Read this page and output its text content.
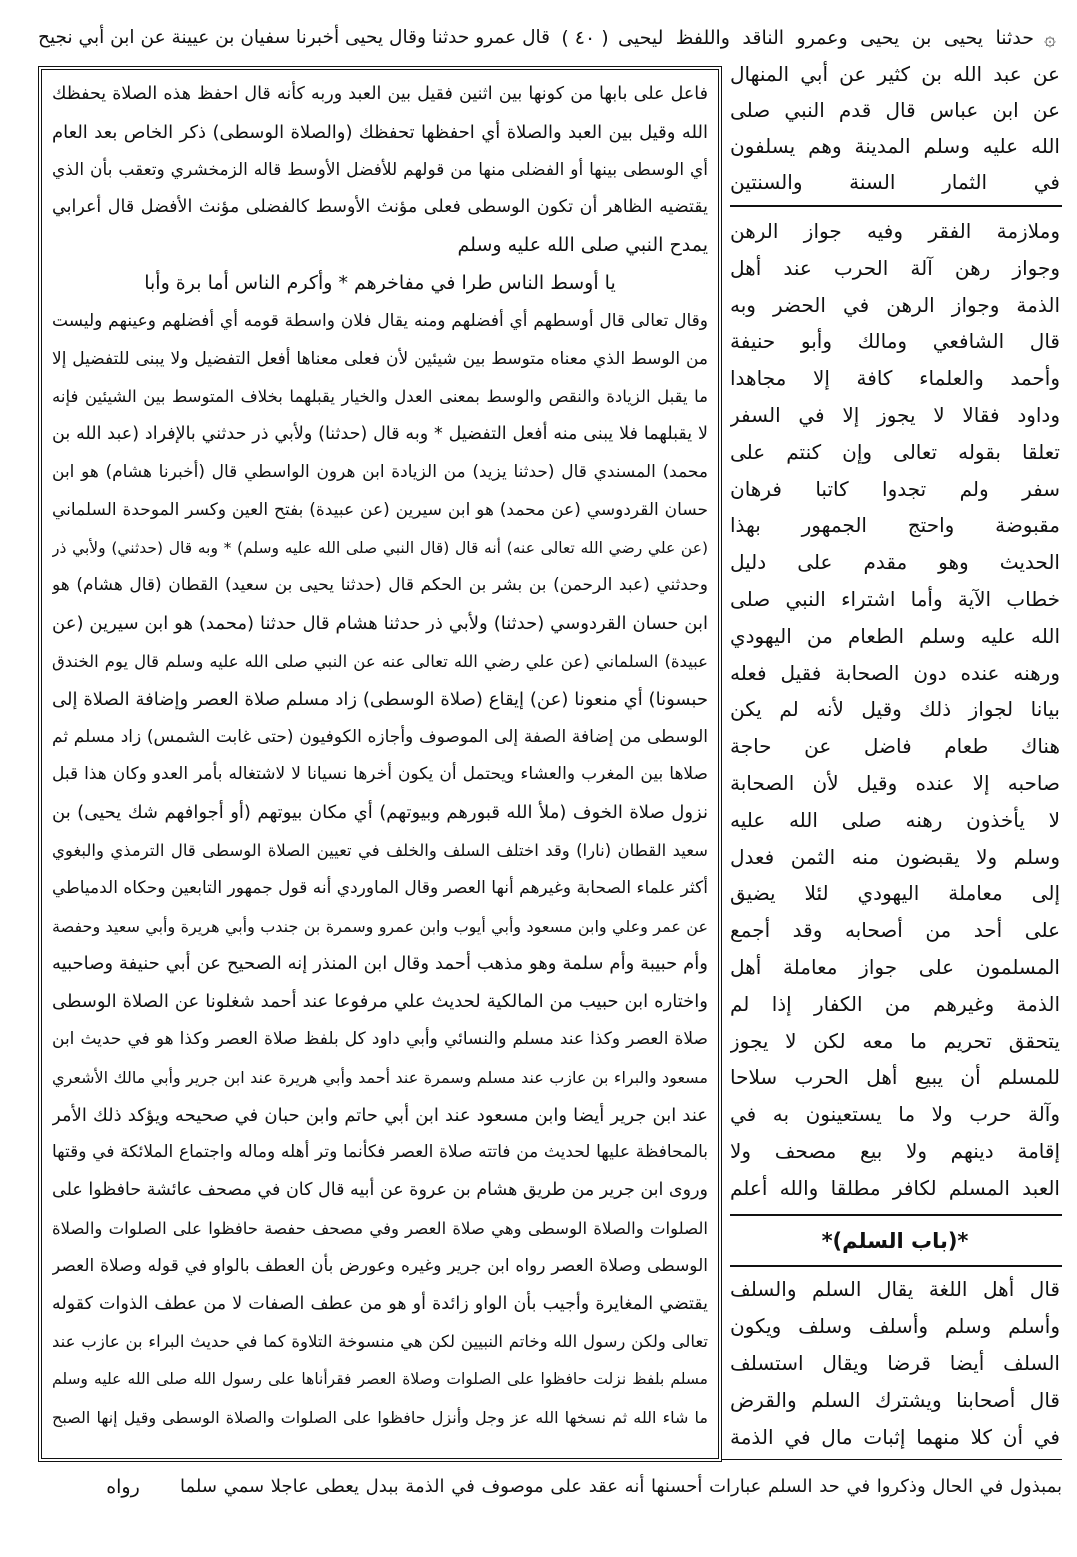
۞
حدثنا يحيى بن يحيى وعمرو الناقد واللفظ ليحيى
( ٤٠ )
قال عمرو حدثنا وقال يحيى أخبرنا سفيان بن عيينة عن ابن أبي نجيح
عن عبد الله بن كثير عن أبي المنهال
عن ابن عباس قال قدم النبي صلى
الله عليه وسلم المدينة وهم يسلفون
في الثمار السنة والسنتين
وملازمة الفقر وفيه جواز الرهن
وجواز رهن آلة الحرب عند أهل
الذمة وجواز الرهن في الحضر وبه
قال الشافعي ومالك وأبو حنيفة
وأحمد والعلماء كافة إلا مجاهدا
وداود فقالا لا يجوز إلا في السفر
تعلقا بقوله تعالى وإن كنتم على
سفر ولم تجدوا كاتبا فرهان
مقبوضة واحتج الجمهور بهذا
الحديث وهو مقدم على دليل
خطاب الآية وأما اشتراء النبي صلى
الله عليه وسلم الطعام من اليهودي
ورهنه عنده دون الصحابة فقيل فعله
بيانا لجواز ذلك وقيل لأنه لم يكن
هناك طعام فاضل عن حاجة
صاحبه إلا عنده وقيل لأن الصحابة
لا يأخذون رهنه صلى الله عليه
وسلم ولا يقبضون منه الثمن فعدل
إلى معاملة اليهودي لئلا يضيق
على أحد من أصحابه وقد أجمع
المسلمون على جواز معاملة أهل
الذمة وغيرهم من الكفار إذا لم
يتحقق تحريم ما معه لكن لا يجوز
للمسلم أن يبيع أهل الحرب سلاحا
وآلة حرب ولا ما يستعينون به في
إقامة دينهم ولا بيع مصحف ولا
العبد المسلم لكافر مطلقا والله أعلم
*(باب السلم)*
قال أهل اللغة يقال السلم والسلف
وأسلم وسلم وأسلف وسلف ويكون
السلف أيضا قرضا ويقال استسلف
قال أصحابنا ويشترك السلم والقرض
في أن كلا منهما إثبات مال في الذمة
فاعل على بابها من كونها بين اثنين فقيل بين العبد وربه كأنه قال احفظ هذه الصلاة يحفظك
الله وقيل بين العبد والصلاة أي احفظها تحفظك (والصلاة الوسطى) ذكر الخاص بعد العام
أي الوسطى بينها أو الفضلى منها من قولهم للأفضل الأوسط قاله الزمخشري وتعقب بأن الذي
يقتضيه الظاهر أن تكون الوسطى فعلى مؤنث الأوسط كالفضلى مؤنث الأفضل قال أعرابي
يمدح النبي صلى الله عليه وسلم
يا أوسط الناس طرا في مفاخرهم * وأكرم الناس أما برة وأبا
وقال تعالى قال أوسطهم أي أفضلهم ومنه يقال فلان واسطة قومه أي أفضلهم وعينهم وليست
من الوسط الذي معناه متوسط بين شيئين لأن فعلى معناها أفعل التفضيل ولا يبنى للتفضيل إلا
ما يقبل الزيادة والنقص والوسط بمعنى العدل والخيار يقبلهما بخلاف المتوسط بين الشيئين فإنه
لا يقبلهما فلا يبنى منه أفعل التفضيل * وبه قال (حدثنا) ولأبي ذر حدثني بالإفراد (عبد الله بن
محمد) المسندي قال (حدثنا يزيد) من الزيادة ابن هرون الواسطي قال (أخبرنا هشام) هو ابن
حسان القردوسي (عن محمد) هو ابن سيرين (عن عبيدة) بفتح العين وكسر الموحدة السلماني
(عن علي رضي الله تعالى عنه) أنه قال (قال النبي صلى الله عليه وسلم) * وبه قال (حدثني) ولأبي ذر
وحدثني (عبد الرحمن) بن بشر بن الحكم قال (حدثنا يحيى بن سعيد) القطان (قال هشام) هو
ابن حسان القردوسي (حدثنا) ولأبي ذر حدثنا هشام قال حدثنا (محمد) هو ابن سيرين (عن
عبيدة) السلماني (عن علي رضي الله تعالى عنه عن النبي صلى الله عليه وسلم قال يوم الخندق
حبسونا) أي منعونا (عن) إيقاع (صلاة الوسطى) زاد مسلم صلاة العصر وإضافة الصلاة إلى
الوسطى من إضافة الصفة إلى الموصوف وأجازه الكوفيون (حتى غابت الشمس) زاد مسلم ثم
صلاها بين المغرب والعشاء ويحتمل أن يكون أخرها نسيانا لا لاشتغاله بأمر العدو وكان هذا قبل
نزول صلاة الخوف (ملأ الله قبورهم وبيوتهم) أي مكان بيوتهم (أو أجوافهم شك يحيى) بن
سعيد القطان (نارا) وقد اختلف السلف والخلف في تعيين الصلاة الوسطى قال الترمذي والبغوي
أكثر علماء الصحابة وغيرهم أنها العصر وقال الماوردي أنه قول جمهور التابعين وحكاه الدمياطي
عن عمر وعلي وابن مسعود وأبي أيوب وابن عمرو وسمرة بن جندب وأبي هريرة وأبي سعيد وحفصة
وأم حبيبة وأم سلمة وهو مذهب أحمد وقال ابن المنذر إنه الصحيح عن أبي حنيفة وصاحبيه
واختاره ابن حبيب من المالكية لحديث علي مرفوعا عند أحمد شغلونا عن الصلاة الوسطى
صلاة العصر وكذا عند مسلم والنسائي وأبي داود كل بلفظ صلاة العصر وكذا هو في حديث ابن
مسعود والبراء بن عازب عند مسلم وسمرة عند أحمد وأبي هريرة عند ابن جرير وأبي مالك الأشعري
عند ابن جرير أيضا وابن مسعود عند ابن أبي حاتم وابن حبان في صحيحه ويؤكد ذلك الأمر
بالمحافظة عليها لحديث من فاتته صلاة العصر فكأنما وتر أهله وماله واجتماع الملائكة في وقتها
وروى ابن جرير من طريق هشام بن عروة عن أبيه قال كان في مصحف عائشة حافظوا على
الصلوات والصلاة الوسطى وهي صلاة العصر وفي مصحف حفصة حافظوا على الصلوات والصلاة
الوسطى وصلاة العصر رواه ابن جرير وغيره وعورض بأن العطف بالواو في قوله وصلاة العصر
يقتضي المغايرة وأجيب بأن الواو زائدة أو هو من عطف الصفات لا من عطف الذوات كقوله
تعالى ولكن رسول الله وخاتم النبيين لكن هي منسوخة التلاوة كما في حديث البراء بن عازب عند
مسلم بلفظ نزلت حافظوا على الصلوات وصلاة العصر فقرأناها على رسول الله صلى الله عليه وسلم
ما شاء الله ثم نسخها الله عز وجل وأنزل حافظوا على الصلوات والصلاة الوسطى وقيل إنها الصبح
بمبذول في الحال وذكروا في حد السلم عبارات أحسنها أنه عقد على موصوف في الذمة ببدل يعطى عاجلا سمي سلما
رواه
